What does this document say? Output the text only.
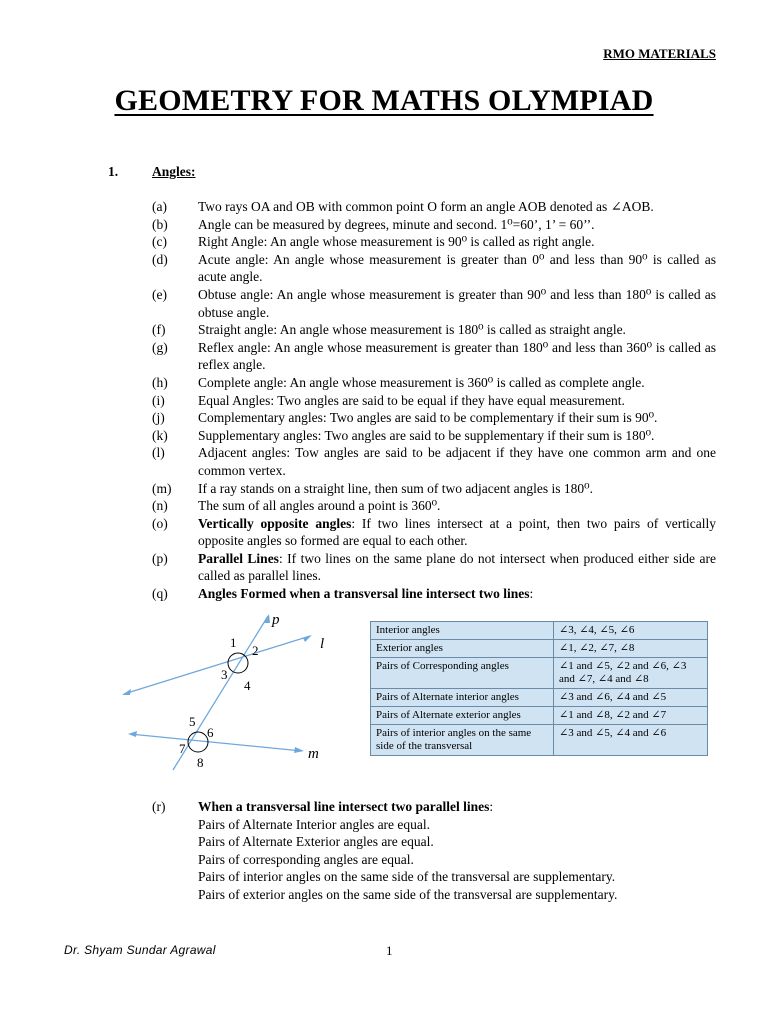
RMO MATERIALS
GEOMETRY FOR MATHS OLYMPIAD
1.	Angles:
(a)	Two rays OA and OB with common point O form an angle AOB denoted as ∠AOB.
(b)	Angle can be measured by degrees, minute and second. 1⁰=60’, 1’ = 60’’.
(c)	Right Angle: An angle whose measurement is 90⁰ is called as right angle.
(d)	Acute angle: An angle whose measurement is greater than 0⁰ and less than 90⁰ is called as acute angle.
(e)	Obtuse angle: An angle whose measurement is greater than 90⁰ and less than 180⁰ is called as obtuse angle.
(f)	Straight angle: An angle whose measurement is 180⁰ is called as straight angle.
(g)	Reflex angle: An angle whose measurement is greater than 180⁰ and less than 360⁰ is called as reflex angle.
(h)	Complete angle: An angle whose measurement is 360⁰ is called as complete angle.
(i)	Equal Angles: Two angles are said to be equal if they have equal measurement.
(j)	Complementary angles: Two angles are said to be complementary if their sum is 90⁰.
(k)	Supplementary angles: Two angles are said to be supplementary if their sum is 180⁰.
(l)	Adjacent angles: Tow angles are said to be adjacent if they have one common arm and one common vertex.
(m)	If a ray stands on a straight line, then sum of two adjacent angles is 180⁰.
(n)	The sum of all angles around a point is 360⁰.
(o)	Vertically opposite angles: If two lines intersect at a point, then two pairs of vertically opposite angles so formed are equal to each other.
(p)	Parallel Lines: If two lines on the same plane do not intersect when produced either side are called as parallel lines.
(q)	Angles Formed when a transversal line intersect two lines:
p
l
m
1
2
3
4
5
6
7
8
Interior angles	∠3, ∠4, ∠5, ∠6
Exterior angles	∠1, ∠2, ∠7, ∠8
Pairs of Corresponding angles	∠1 and ∠5, ∠2 and ∠6, ∠3 and ∠7, ∠4 and ∠8
Pairs of Alternate interior angles	∠3 and ∠6, ∠4 and ∠5
Pairs of Alternate exterior angles	∠1 and ∠8, ∠2 and ∠7
Pairs of interior angles on the same side of the transversal	∠3 and ∠5, ∠4 and ∠6
(r) When a transversal line intersect two parallel lines:
Pairs of Alternate Interior angles are equal.
Pairs of Alternate Exterior angles are equal.
Pairs of corresponding angles are equal.
Pairs of interior angles on the same side of the transversal are supplementary.
Pairs of exterior angles on the same side of the transversal are supplementary.
Dr. Shyam Sundar Agrawal	1
